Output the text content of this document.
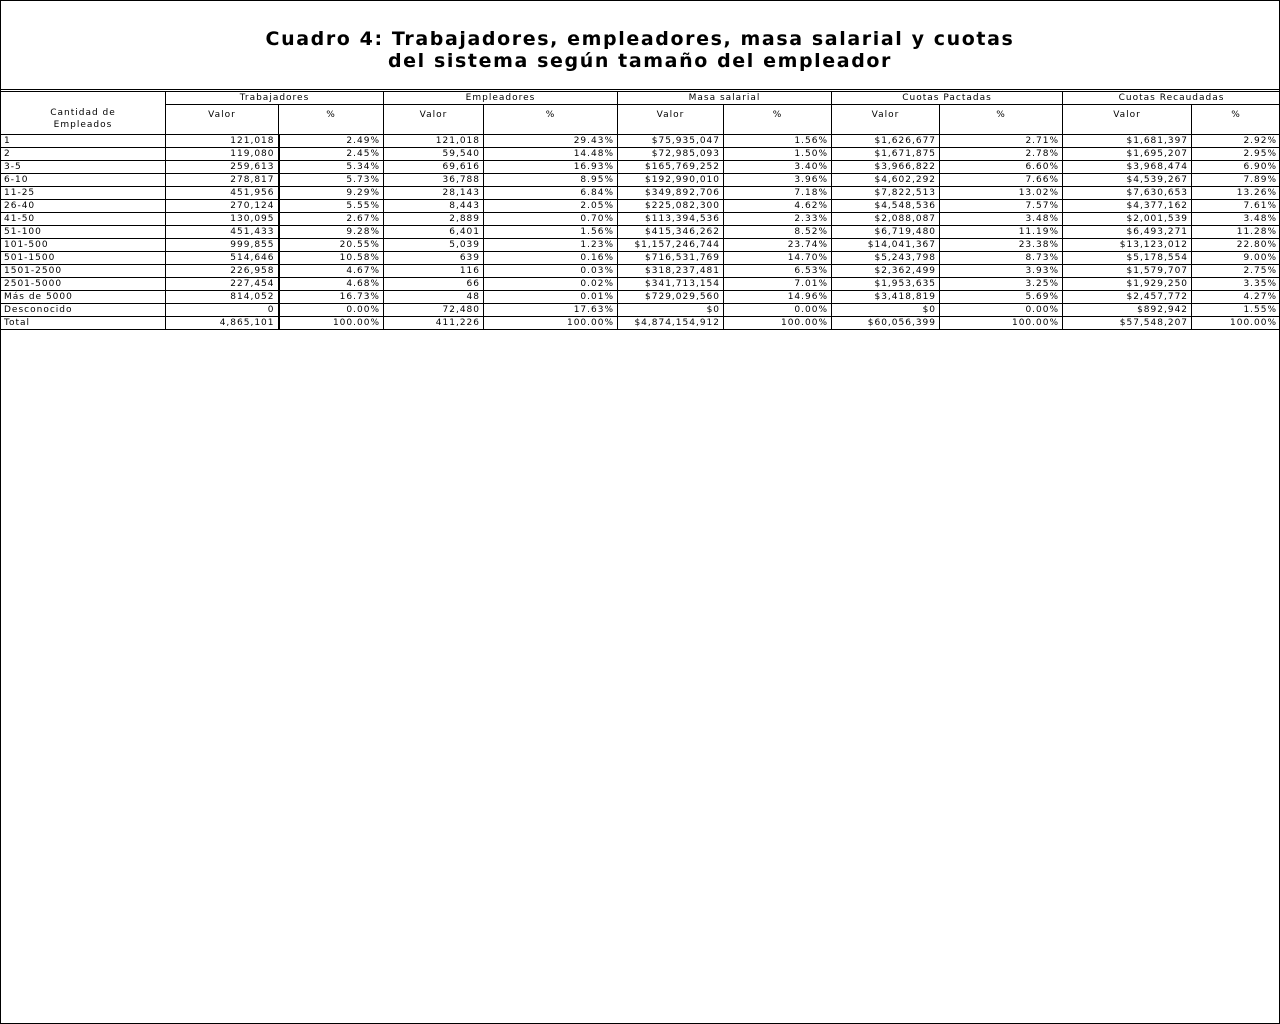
Cuadro 4: Trabajadores, empleadores, masa salarial y cuotas
del sistema según tamaño del empleador
	Trabajadores		Empleadores		Masa salarial		Cuotas Pactadas		Cuotas Recaudadas	

Cantidad de
Empleados	Valor	%	Valor	%	Valor	%	Valor	%	Valor	%
1	121,018	2.49%	121,018	29.43%	$75,935,047	1.56%	$1,626,677	2.71%	$1,681,397	2.92%
2	119,080	2.45%	59,540	14.48%	$72,985,093	1.50%	$1,671,875	2.78%	$1,695,207	2.95%
3-5	259,613	5.34%	69,616	16.93%	$165,769,252	3.40%	$3,966,822	6.60%	$3,968,474	6.90%
6-10	278,817	5.73%	36,788	8.95%	$192,990,010	3.96%	$4,602,292	7.66%	$4,539,267	7.89%
11-25	451,956	9.29%	28,143	6.84%	$349,892,706	7.18%	$7,822,513	13.02%	$7,630,653	13.26%
26-40	270,124	5.55%	8,443	2.05%	$225,082,300	4.62%	$4,548,536	7.57%	$4,377,162	7.61%
41-50	130,095	2.67%	2,889	0.70%	$113,394,536	2.33%	$2,088,087	3.48%	$2,001,539	3.48%
51-100	451,433	9.28%	6,401	1.56%	$415,346,262	8.52%	$6,719,480	11.19%	$6,493,271	11.28%
101-500	999,855	20.55%	5,039	1.23%	$1,157,246,744	23.74%	$14,041,367	23.38%	$13,123,012	22.80%
501-1500	514,646	10.58%	639	0.16%	$716,531,769	14.70%	$5,243,798	8.73%	$5,178,554	9.00%
1501-2500	226,958	4.67%	116	0.03%	$318,237,481	6.53%	$2,362,499	3.93%	$1,579,707	2.75%
2501-5000	227,454	4.68%	66	0.02%	$341,713,154	7.01%	$1,953,635	3.25%	$1,929,250	3.35%
Más de 5000	814,052	16.73%	48	0.01%	$729,029,560	14.96%	$3,418,819	5.69%	$2,457,772	4.27%
Desconocido	0	0.00%	72,480	17.63%	$0	0.00%	$0	0.00%	$892,942	1.55%
Total	4,865,101	100.00%	411,226	100.00%	$4,874,154,912	100.00%	$60,056,399	100.00%	$57,548,207	100.00%
